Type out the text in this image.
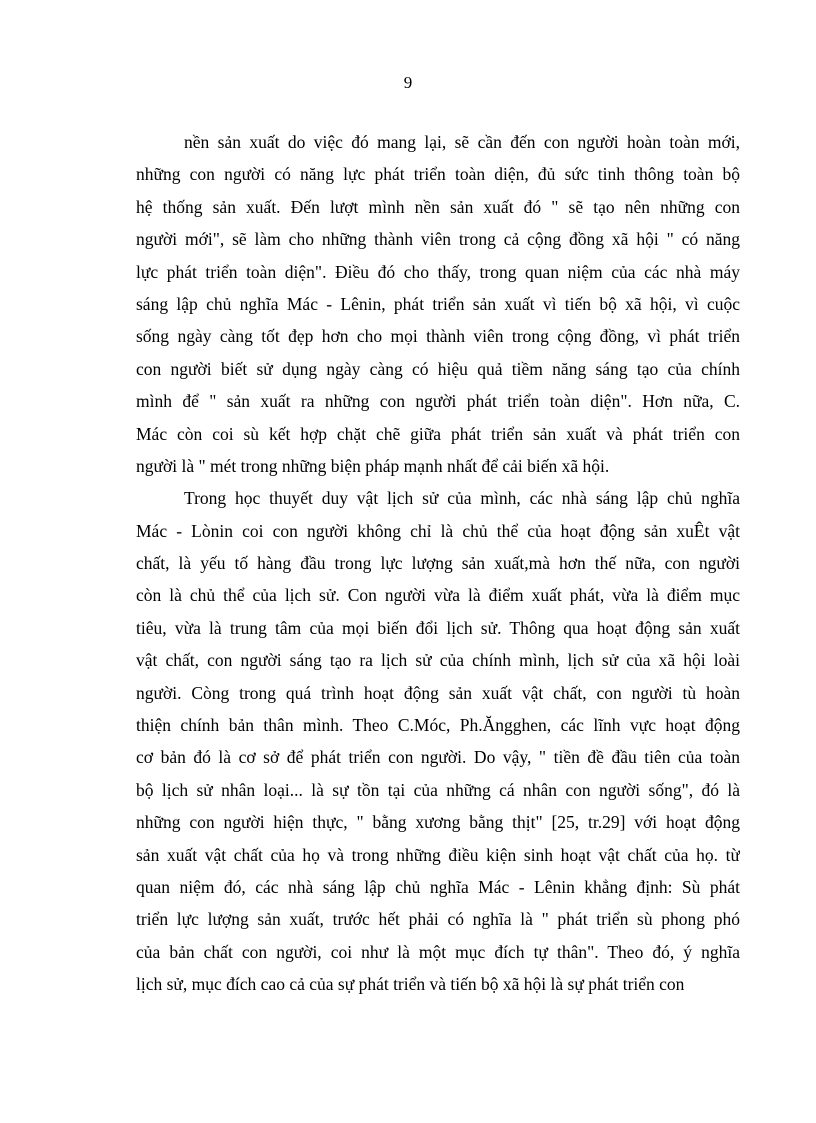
9
nền sản xuất do việc đó mang lại, sẽ cần đến con người hoàn toàn mới,
những con người có năng lực phát triển toàn diện, đủ sức tinh thông toàn bộ
hệ thống sản xuất. Đến lượt mình nền sản xuất đó " sẽ tạo nên những con
người mới", sẽ làm cho những thành viên trong cả cộng đồng xã hội " có năng
lực phát triển toàn diện". Điều đó cho thấy, trong quan niệm của các nhà máy
sáng lập chủ nghĩa Mác - Lênin, phát triển sản xuất vì tiến bộ xã hội, vì cuộc
sống ngày càng tốt đẹp hơn cho mọi thành viên trong cộng đồng, vì phát triển
con người biết sử dụng ngày càng có hiệu quả tiềm năng sáng tạo của chính
mình để " sản xuất ra những con người phát triển toàn diện". Hơn nữa, C.
Mác còn coi sù kết hợp chặt chẽ giữa phát triển sản xuất và phát triển con
người là " mét trong những biện pháp mạnh nhất để cải biến xã hội.
Trong học thuyết duy vật lịch sử của mình, các nhà sáng lập chủ nghĩa
Mác - Lònin coi con người không chỉ là chủ thể của hoạt động sản xuÊt vật
chất, là yếu tố hàng đầu trong lực lượng sản xuất,mà hơn thế nữa, con người
còn là chủ thể của lịch sử. Con người vừa là điểm xuất phát, vừa là điểm mục
tiêu, vừa là trung tâm của mọi biến đổi lịch sử. Thông qua hoạt động sản xuất
vật chất, con người sáng tạo ra lịch sử của chính mình, lịch sử của xã hội loài
người. Còng trong quá trình hoạt động sản xuất vật chất, con người tù hoàn
thiện chính bản thân mình. Theo C.Móc, Ph.Ăngghen, các lĩnh vực hoạt động
cơ bản đó là cơ sở để phát triển con người. Do vậy, " tiền đề đầu tiên của toàn
bộ lịch sử nhân loại... là sự tồn tại của những cá nhân con người sống", đó là
những con người hiện thực, " bằng xương bằng thịt" [25, tr.29] với hoạt động
sản xuất vật chất của họ và trong những điều kiện sinh hoạt vật chất của họ. từ
quan niệm đó, các nhà sáng lập chủ nghĩa Mác - Lênin khẳng định: Sù phát
triển lực lượng sản xuất, trước hết phải có nghĩa là " phát triển sù phong phó
của bản chất con người, coi như là một mục đích tự thân". Theo đó, ý nghĩa
lịch sử, mục đích cao cả của sự phát triển và tiến bộ xã hội là sự phát triển con
